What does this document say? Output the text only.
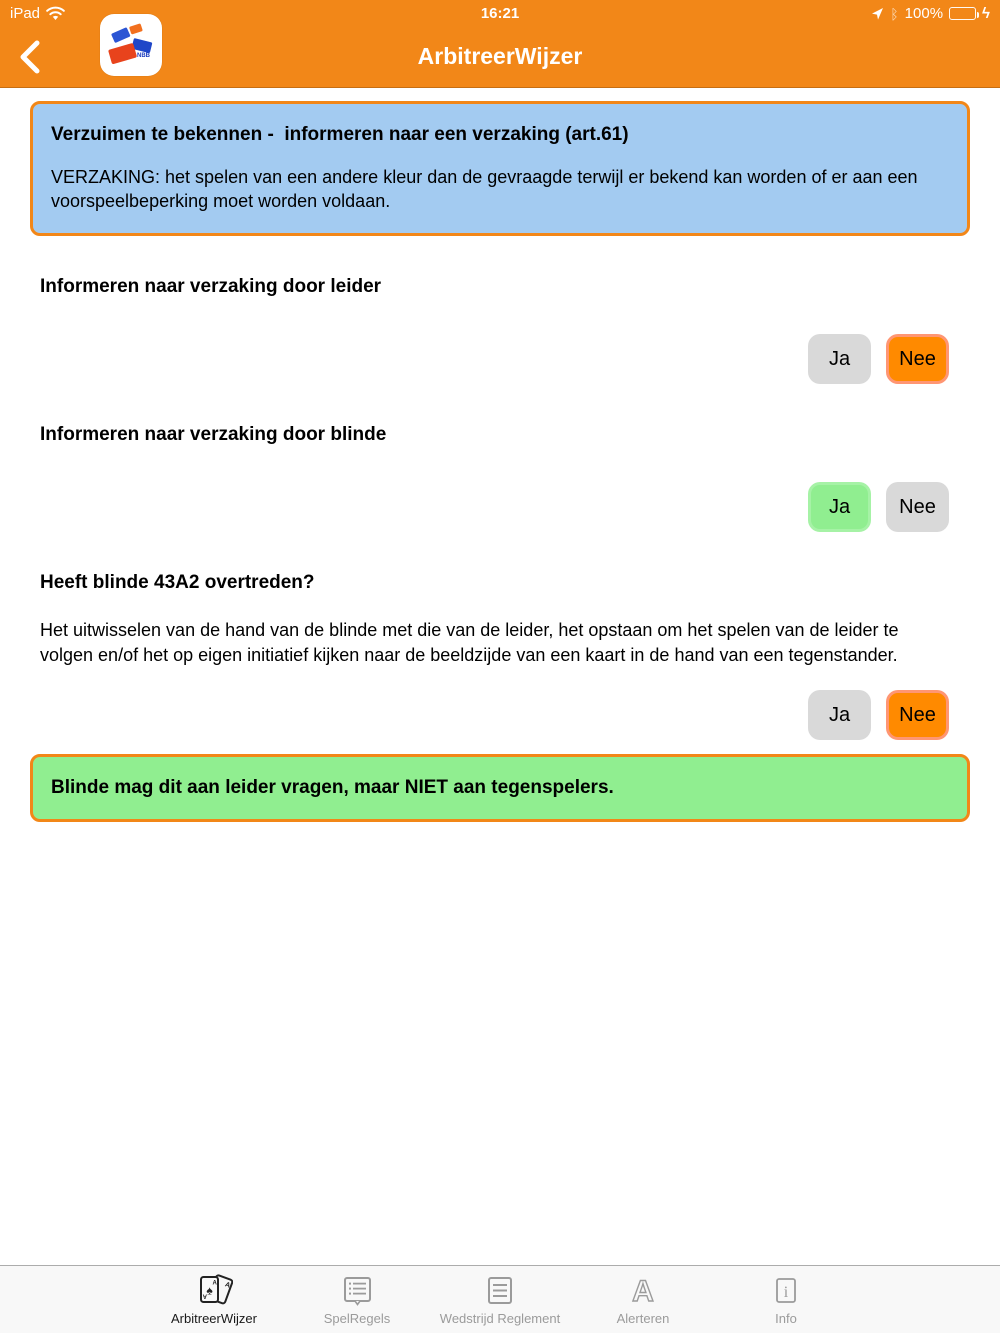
iPad	16:21	ᛒ 100%	ϟ
ArbitreerWijzer
NBB
Verzuimen te bekennen -  informeren naar een verzaking (art.61)
VERZAKING: het spelen van een andere kleur dan de gevraagde terwijl er bekend kan worden of er aan een voorspeelbeperking moet worden voldaan.
Informeren naar verzaking door leider
Ja	Nee
Informeren naar verzaking door blinde
Ja	Nee
Heeft blinde 43A2 overtreden?
Het uitwisselen van de hand van de blinde met die van de leider, het opstaan om het spelen van de leider te volgen en/of het op eigen initiatief kijken naar de beeldzijde van een kaart in de hand van een tegenstander.
Ja	Nee
Blinde mag dit aan leider vragen, maar NIET aan tegenspelers.
A
♠ A
A
ArbitreerWijzer	SpelRegels	Wedstrijd Reglement
A
Alerteren
i
Info
